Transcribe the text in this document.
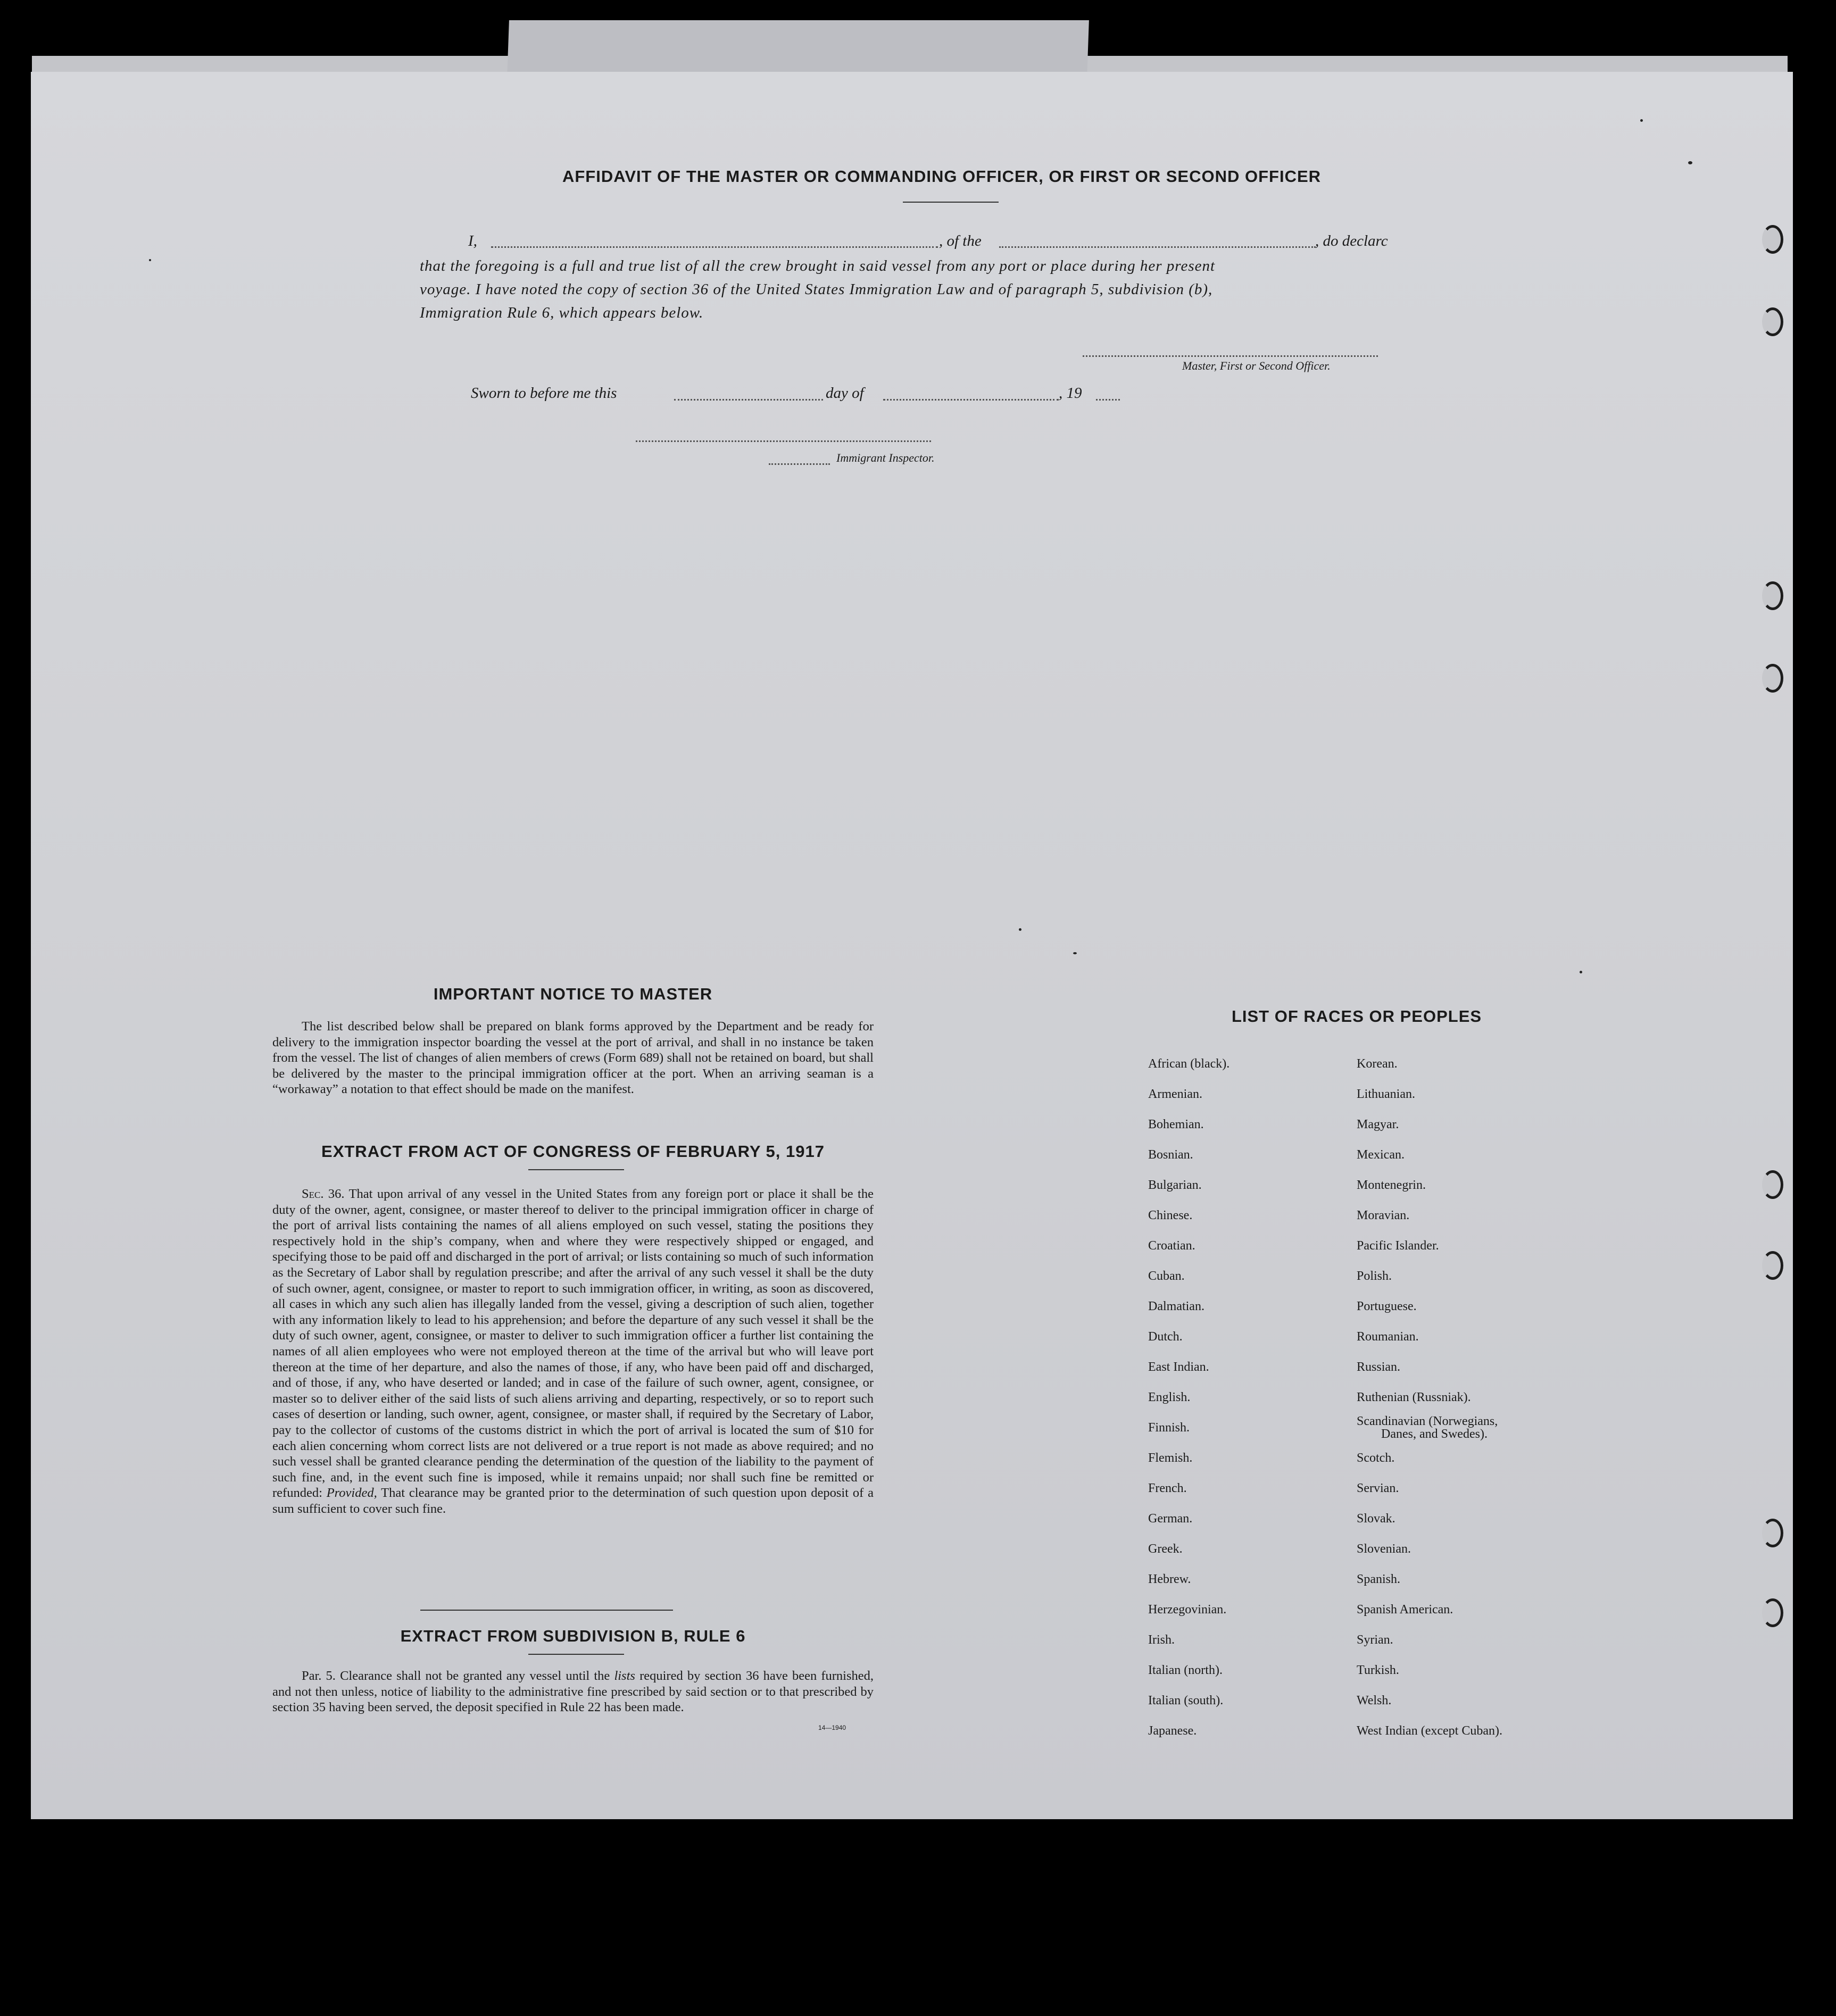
AFFIDAVIT OF THE MASTER OR COMMANDING OFFICER, OR FIRST OR SECOND OFFICER
I,	, of the	, do declarc
that the foregoing is a full and true list of all the crew brought in said vessel from any port or place during her present
voyage. I have noted the copy of section 36 of the United States Immigration Law and of paragraph 5, subdivision (b),
Immigration Rule 6, which appears below.
Master, First or Second Officer.
Sworn to before me this	day of	, 19
Immigrant Inspector.
IMPORTANT NOTICE TO MASTER
The list described below shall be prepared on blank forms approved by the Department and be ready for delivery to the immigration inspector boarding the vessel at the port of arrival, and shall in no instance be taken from the vessel. The list of changes of alien members of crews (Form 689) shall not be retained on board, but shall be delivered by the master to the principal immigration officer at the port. When an arriving seaman is a “workaway” a notation to that effect should be made on the manifest.
EXTRACT FROM ACT OF CONGRESS OF FEBRUARY 5, 1917
Sec. 36. That upon arrival of any vessel in the United States from any foreign port or place it shall be the duty of the owner, agent, consignee, or master thereof to deliver to the principal immigration officer in charge of the port of arrival lists containing the names of all aliens employed on such vessel, stating the positions they respectively hold in the ship’s company, when and where they were respectively shipped or engaged, and specifying those to be paid off and discharged in the port of arrival; or lists containing so much of such information as the Secretary of Labor shall by regulation prescribe; and after the arrival of any such vessel it shall be the duty of such owner, agent, consignee, or master to report to such immigration officer, in writing, as soon as discovered, all cases in which any such alien has illegally landed from the vessel, giving a description of such alien, together with any information likely to lead to his apprehension; and before the departure of any such vessel it shall be the duty of such owner, agent, consignee, or master to deliver to such immigration officer a further list containing the names of all alien employees who were not employed thereon at the time of the arrival but who will leave port thereon at the time of her departure, and also the names of those, if any, who have been paid off and discharged, and of those, if any, who have deserted or landed; and in case of the failure of such owner, agent, consignee, or master so to deliver either of the said lists of such aliens arriving and departing, respectively, or so to report such cases of desertion or landing, such owner, agent, consignee, or master shall, if required by the Secretary of Labor, pay to the collector of customs of the customs district in which the port of arrival is located the sum of $10 for each alien concerning whom correct lists are not delivered or a true report is not made as above required; and no such vessel shall be granted clearance pending the determination of the question of the liability to the payment of such fine, and, in the event such fine is imposed, while it remains unpaid; nor shall such fine be remitted or refunded: Provided, That clearance may be granted prior to the determination of such question upon deposit of a sum sufficient to cover such fine.
EXTRACT FROM SUBDIVISION B, RULE 6
Par. 5. Clearance shall not be granted any vessel until the lists required by section 36 have been furnished, and not then unless, notice of liability to the administrative fine prescribed by said section or to that prescribed by section 35 having been served, the deposit specified in Rule 22 has been made.
14—1940
LIST OF RACES OR PEOPLES
African (black).
Armenian.
Bohemian.
Bosnian.
Bulgarian.
Chinese.
Croatian.
Cuban.
Dalmatian.
Dutch.
East Indian.
English.
Finnish.
Flemish.
French.
German.
Greek.
Hebrew.
Herzegovinian.
Irish.
Italian (north).
Italian (south).
Japanese.
Korean.
Lithuanian.
Magyar.
Mexican.
Montenegrin.
Moravian.
Pacific Islander.
Polish.
Portuguese.
Roumanian.
Russian.
Ruthenian (Russniak).
Scandinavian (Norwegians,
Danes, and Swedes).
Scotch.
Servian.
Slovak.
Slovenian.
Spanish.
Spanish American.
Syrian.
Turkish.
Welsh.
West Indian (except Cuban).
